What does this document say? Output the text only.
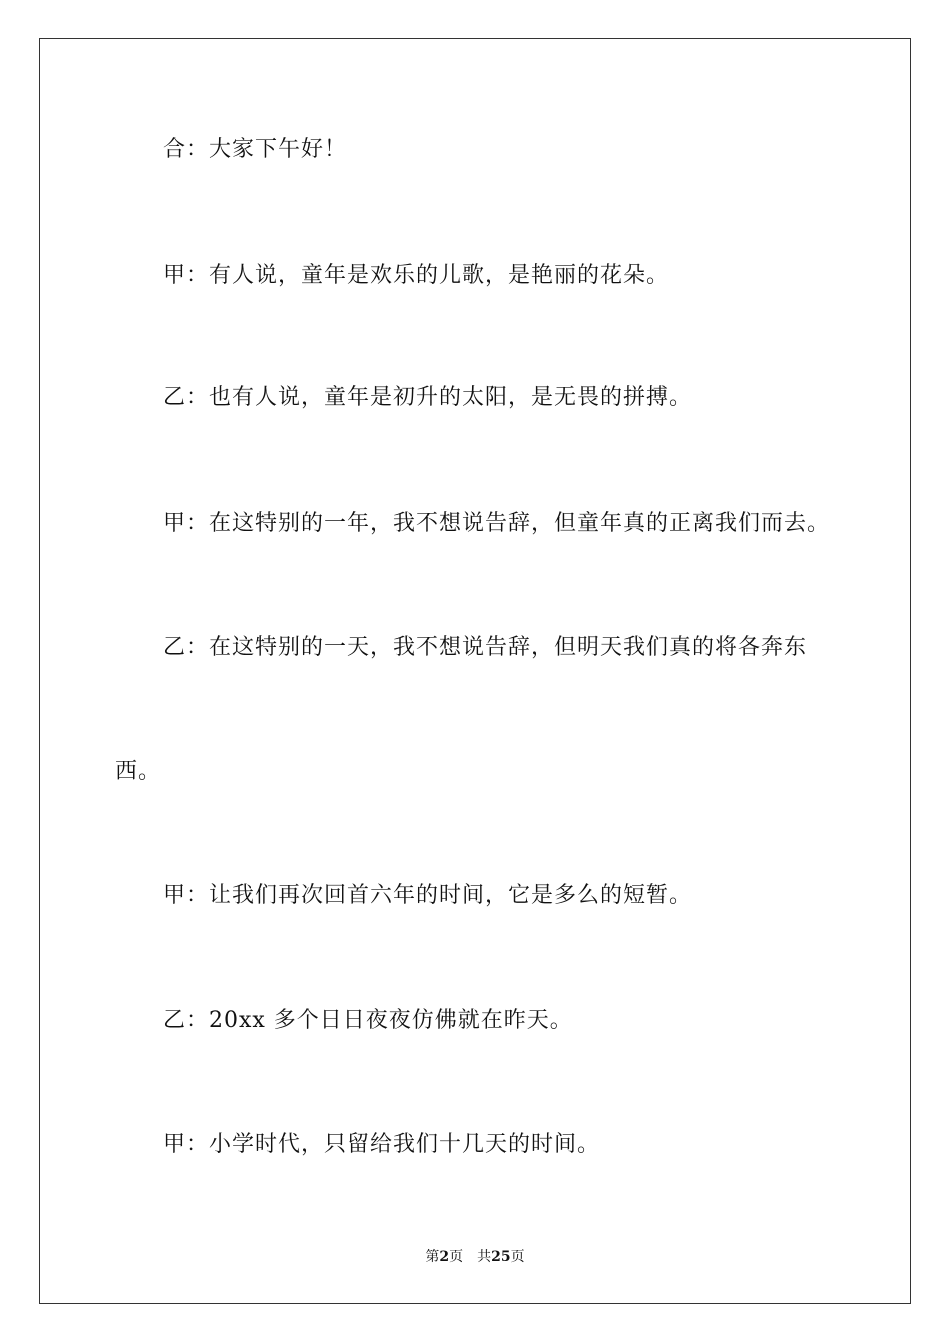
合：大家下午好！
甲：有人说，童年是欢乐的儿歌，是艳丽的花朵。
乙：也有人说，童年是初升的太阳，是无畏的拼搏。
甲：在这特别的一年，我不想说告辞，但童年真的正离我们而去。
乙：在这特别的一天，我不想说告辞，但明天我们真的将各奔东
西。
甲：让我们再次回首六年的时间，它是多么的短暂。
乙：20xx 多个日日夜夜仿佛就在昨天。
甲：小学时代，只留给我们十几天的时间。
第2页 共25页
